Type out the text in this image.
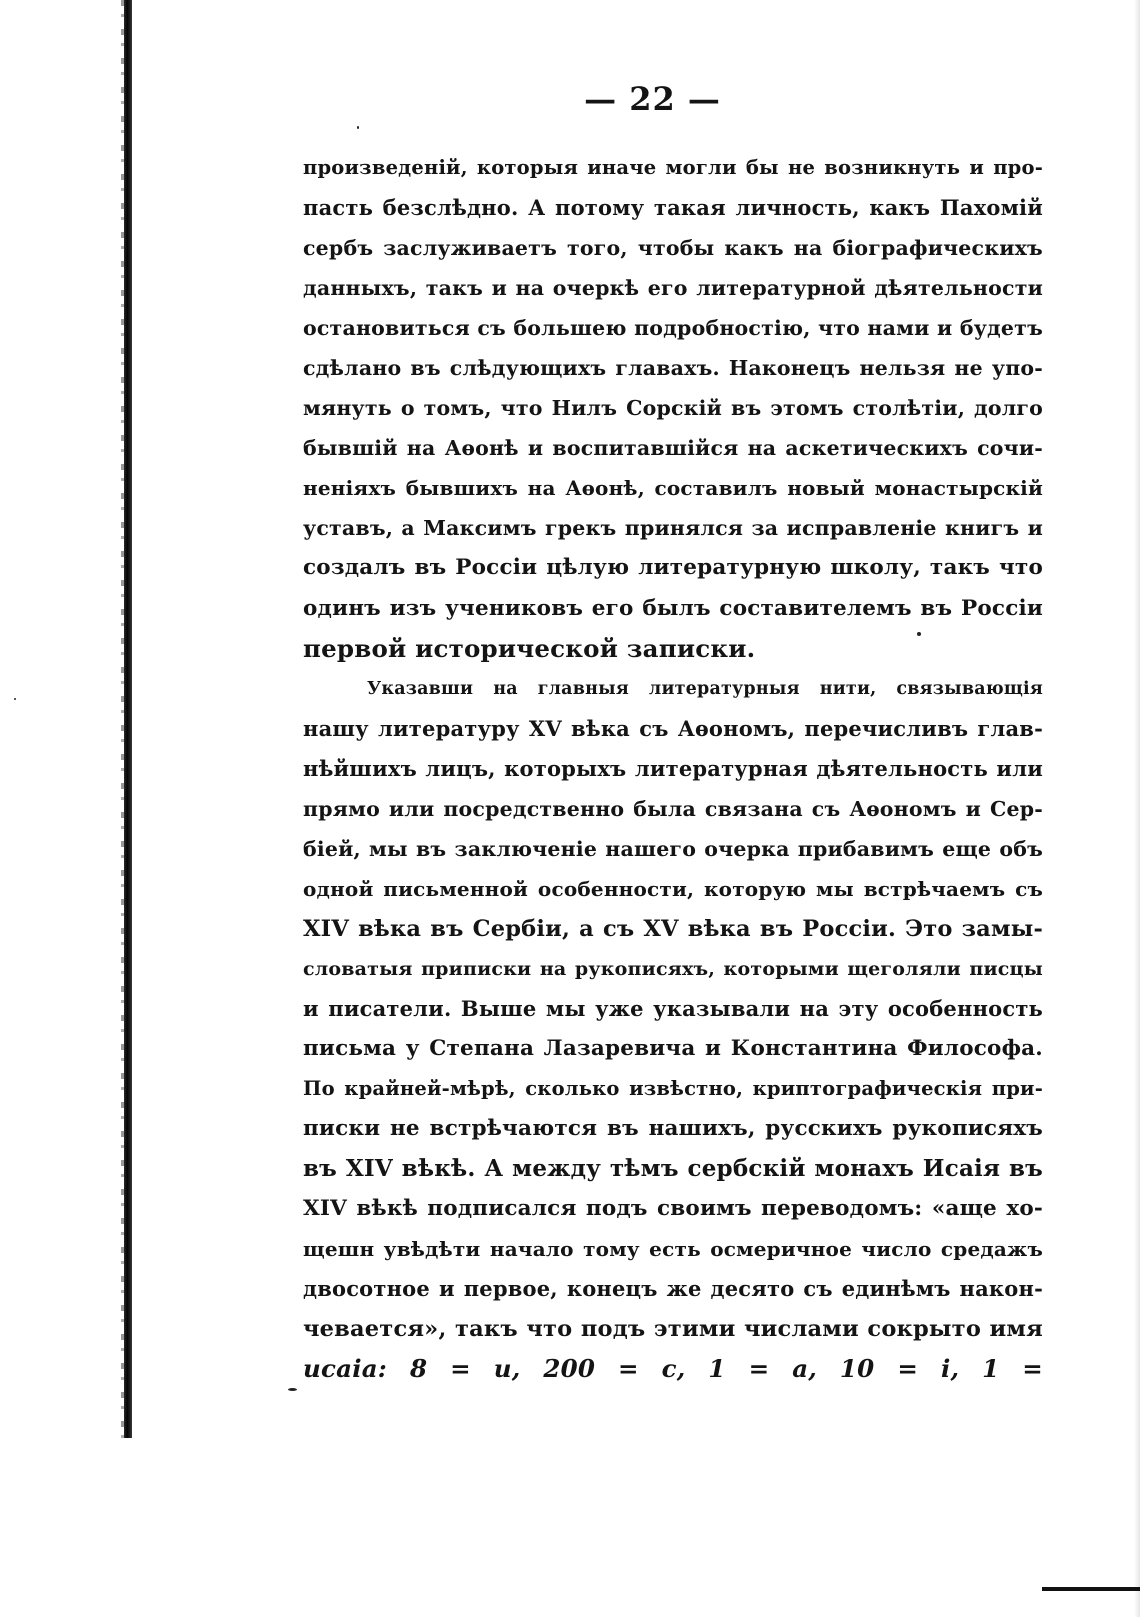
— 22 —
произведеній, которыя иначе могли бы не возникнуть и про-
пасть безслѣдно. А потому такая личность, какъ Пахомій
сербъ заслуживаетъ того, чтобы какъ на біографическихъ
данныхъ, такъ и на очеркѣ его литературной дѣятельности
остановиться съ большею подробностію, что нами и будетъ
сдѣлано въ слѣдующихъ главахъ. Наконецъ нельзя не упо-
мянуть о томъ, что Нилъ Сорскій въ этомъ столѣтіи, долго
бывшій на Аѳонѣ и воспитавшійся на аскетическихъ сочи-
неніяхъ бывшихъ на Аѳонѣ, составилъ новый монастырскій
уставъ, а Максимъ грекъ принялся за исправленіе книгъ и
создалъ въ Россіи цѣлую литературную школу, такъ что
одинъ изъ учениковъ его былъ составителемъ въ Россіи
первой исторической записки.
Указавши на главныя литературныя нити, связывающія
нашу литературу XV вѣка съ Аѳономъ, перечисливъ глав-
нѣйшихъ лицъ, которыхъ литературная дѣятельность или
прямо или посредственно была связана съ Аѳономъ и Сер-
біей, мы въ заключеніе нашего очерка прибавимъ еще объ
одной письменной особенности, которую мы встрѣчаемъ съ
XIV вѣка въ Сербіи, а съ XV вѣка въ Россіи. Это замы-
словатыя приписки на рукописяхъ, которыми щеголяли писцы
и писатели. Выше мы уже указывали на эту особенность
письма у Степана Лазаревича и Константина Философа.
По крайней-мѣрѣ, сколько извѣстно, криптографическія при-
писки не встрѣчаются въ нашихъ, русскихъ рукописяхъ
въ XIV вѣкѣ. А между тѣмъ сербскій монахъ Исаія въ
XIV вѣкѣ подписался подъ своимъ переводомъ: «аще хо-
щешн увѣдѣти начало тому есть осмеричное число средажъ
двосотное и первое, конецъ же десято съ единѣмъ након-
чевается», такъ что подъ этими числами сокрыто имя
исаіа: 8 = и, 200 = с, 1 = а, 10 = і, 1 =
